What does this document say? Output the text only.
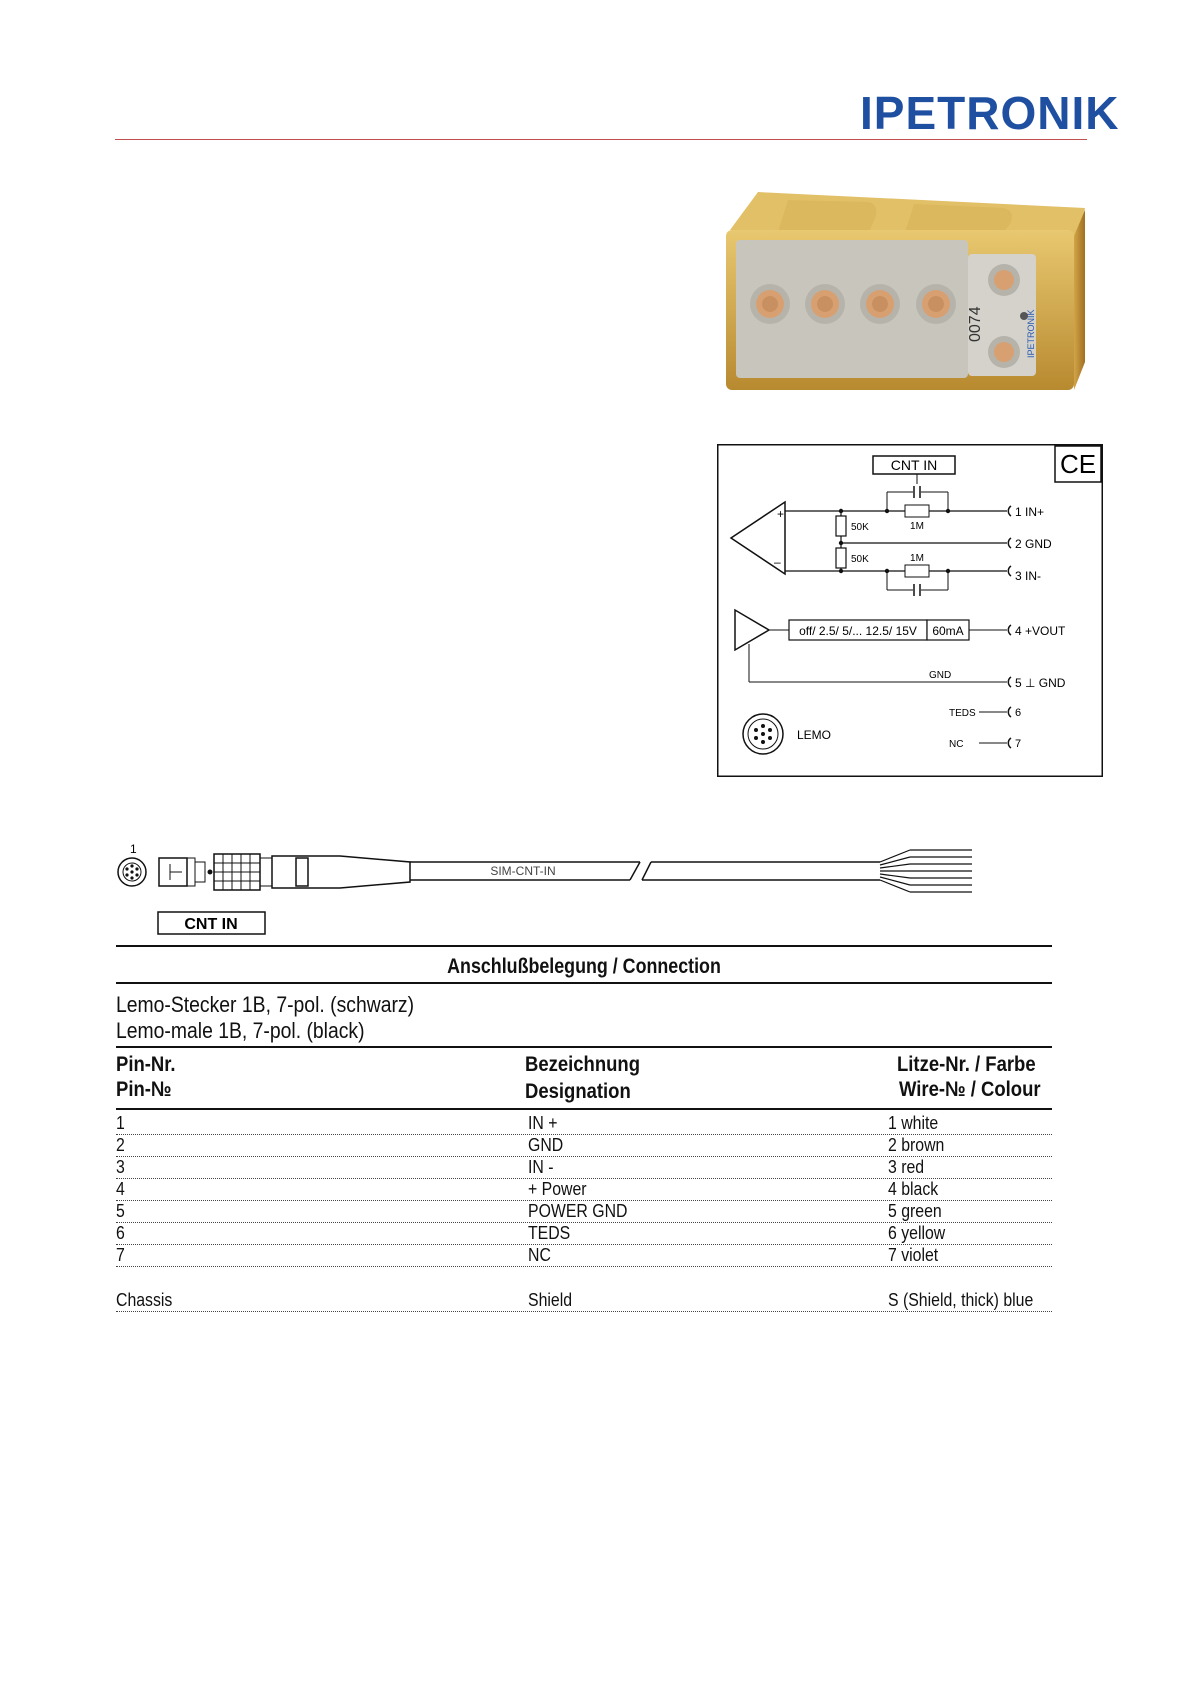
IPETRONIK
0074	IPETRONIK
CE
CNT IN
+
–
50K
50K
1M
1M
1 IN+
2 GND
3 IN-
off/ 2.5/ 5/... 12.5/ 15V 60mA	4 +VOUT
GND
5 ⊥ GND
TEDS	6
NC	7
LEMO
1
SIM-CNT-IN
CNT IN
Anschlußbelegung / Connection
Lemo-Stecker 1B, 7-pol. (schwarz)
Lemo-male 1B, 7-pol. (black)
Pin-Nr.
Pin-№
Bezeichnung
Designation
Litze-Nr. / Farbe
Wire-№ / Colour
1	IN +	1 white
2	GND	2 brown
3	IN -	3 red
4	+ Power	4 black
5	POWER GND	5 green
6	TEDS	6 yellow
7	NC	7 violet
Chassis	Shield	S (Shield, thick) blue
